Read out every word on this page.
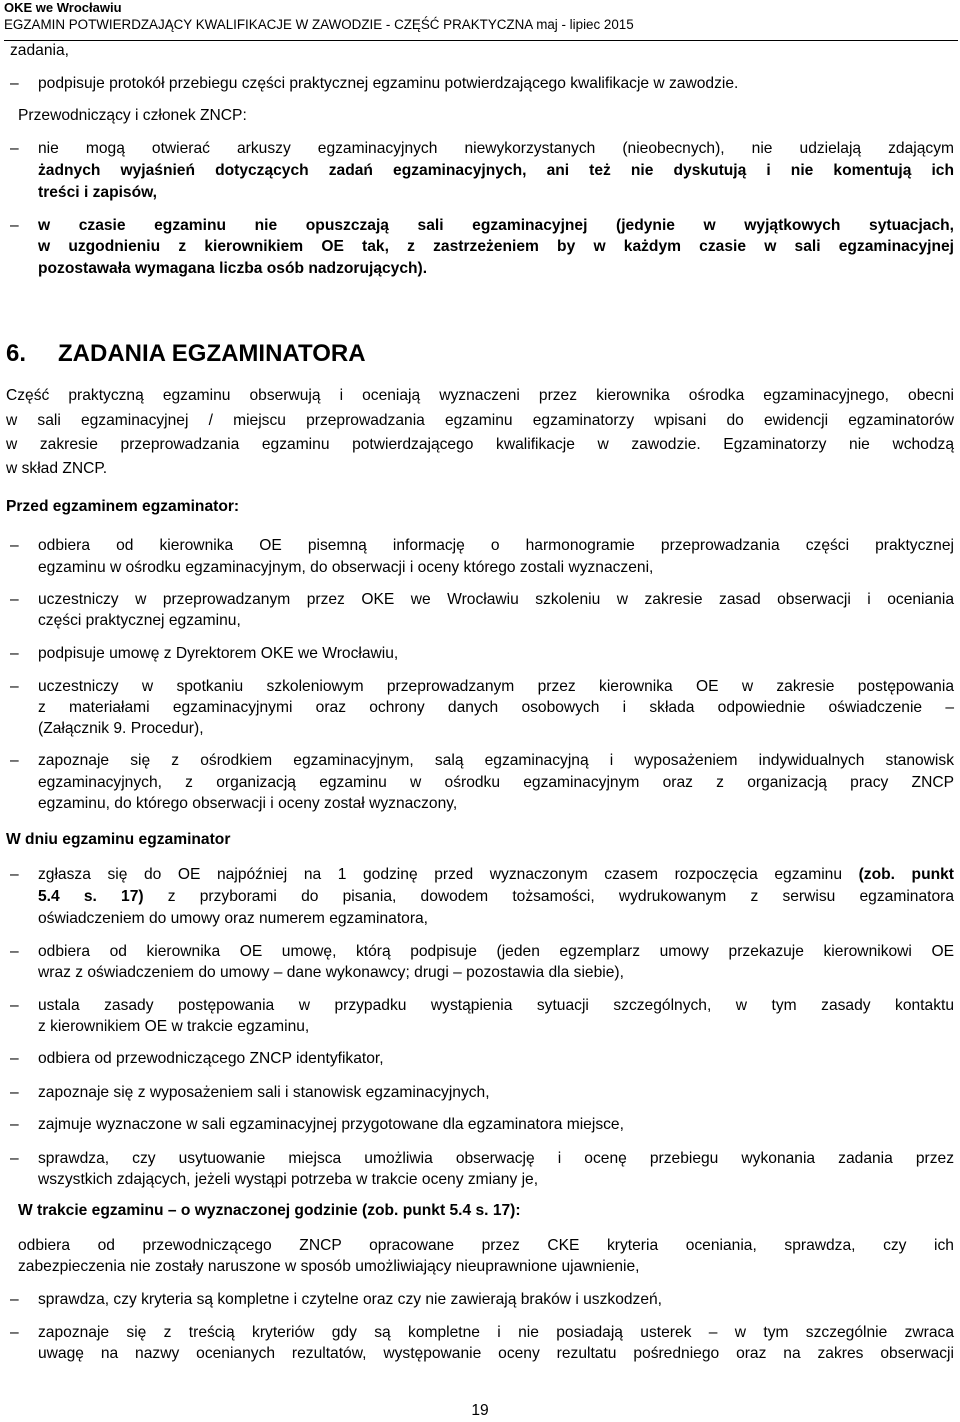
OKE we Wrocławiu
EGZAMIN POTWIERDZAJĄCY KWALIFIKACJE W ZAWODZIE - CZĘŚĆ PRAKTYCZNA maj - lipiec 2015
zadania,
– podpisuje protokół przebiegu części praktycznej egzaminu potwierdzającego kwalifikacje w zawodzie.
Przewodniczący i członek ZNCP:
– nie mogą otwierać arkuszy egzaminacyjnych niewykorzystanych (nieobecnych), nie udzielają zdającym
żadnych wyjaśnień dotyczących zadań egzaminacyjnych, ani też nie dyskutują i nie komentują ich
treści i zapisów,
– w czasie egzaminu nie opuszczają sali egzaminacyjnej (jedynie w wyjątkowych sytuacjach,
w uzgodnieniu z kierownikiem OE tak, z zastrzeżeniem by w każdym czasie w sali egzaminacyjnej
pozostawała wymagana liczba osób nadzorujących).
Część praktyczną egzaminu obserwują i oceniają wyznaczeni przez kierownika ośrodka egzaminacyjnego, obecni
w sali egzaminacyjnej / miejscu przeprowadzania egzaminu egzaminatorzy wpisani do ewidencji egzaminatorów
w zakresie przeprowadzania egzaminu potwierdzającego kwalifikacje w zawodzie. Egzaminatorzy nie wchodzą
w skład ZNCP.
Przed egzaminem egzaminator:
– odbiera od kierownika OE pisemną informację o harmonogramie przeprowadzania części praktycznej
egzaminu w ośrodku egzaminacyjnym, do obserwacji i oceny którego zostali wyznaczeni,
– uczestniczy w przeprowadzanym przez OKE we Wrocławiu szkoleniu w zakresie zasad obserwacji i oceniania
części praktycznej egzaminu,
– podpisuje umowę z Dyrektorem OKE we Wrocławiu,
– uczestniczy w spotkaniu szkoleniowym przeprowadzanym przez kierownika OE w zakresie postępowania
z materiałami egzaminacyjnymi oraz ochrony danych osobowych i składa odpowiednie oświadczenie –
(Załącznik 9. Procedur),
– zapoznaje się z ośrodkiem egzaminacyjnym, salą egzaminacyjną i wyposażeniem indywidualnych stanowisk
egzaminacyjnych, z organizacją egzaminu w ośrodku egzaminacyjnym oraz z organizacją pracy ZNCP
egzaminu, do którego obserwacji i oceny został wyznaczony,
W dniu egzaminu egzaminator
– zgłasza się do OE najpóźniej na 1 godzinę przed wyznaczonym czasem rozpoczęcia egzaminu (zob. punkt
5.4 s. 17) z przyborami do pisania, dowodem tożsamości, wydrukowanym z serwisu egzaminatora
oświadczeniem do umowy oraz numerem egzaminatora,
– odbiera od kierownika OE umowę, którą podpisuje (jeden egzemplarz umowy przekazuje kierownikowi OE
wraz z oświadczeniem do umowy – dane wykonawcy; drugi – pozostawia dla siebie),
– ustala zasady postępowania w przypadku wystąpienia sytuacji szczególnych, w tym zasady kontaktu
z kierownikiem OE w trakcie egzaminu,
– odbiera od przewodniczącego ZNCP identyfikator,
– zapoznaje się z wyposażeniem sali i stanowisk egzaminacyjnych,
– zajmuje wyznaczone w sali egzaminacyjnej przygotowane dla egzaminatora miejsce,
– sprawdza, czy usytuowanie miejsca umożliwia obserwację i ocenę przebiegu wykonania zadania przez
wszystkich zdających, jeżeli wystąpi potrzeba w trakcie oceny zmiany je,
W trakcie egzaminu – o wyznaczonej godzinie (zob. punkt 5.4 s. 17):
odbiera od przewodniczącego ZNCP opracowane przez CKE kryteria oceniania, sprawdza, czy ich
zabezpieczenia nie zostały naruszone w sposób umożliwiający nieuprawnione ujawnienie,
– sprawdza, czy kryteria są kompletne i czytelne oraz czy nie zawierają braków i uszkodzeń,
– zapoznaje się z treścią kryteriów gdy są kompletne i nie posiadają usterek – w tym szczególnie zwraca
uwagę na nazwy ocenianych rezultatów, występowanie oceny rezultatu pośredniego oraz na zakres obserwacji
6. ZADANIA EGZAMINATORA
19
